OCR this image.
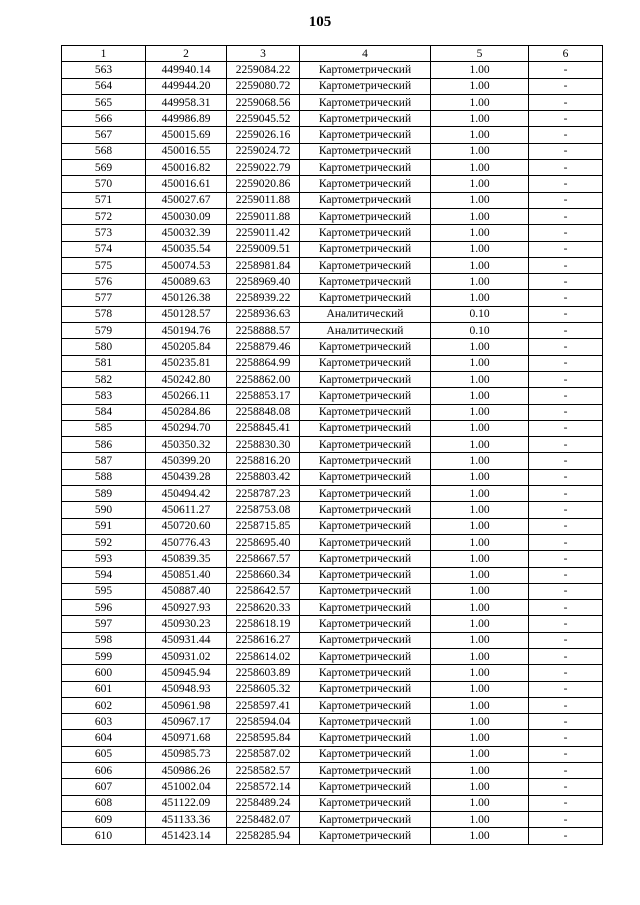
105
1	2	3	4	5	6
563	449940.14	2259084.22	Картометрический	1.00	-
564	449944.20	2259080.72	Картометрический	1.00	-
565	449958.31	2259068.56	Картометрический	1.00	-
566	449986.89	2259045.52	Картометрический	1.00	-
567	450015.69	2259026.16	Картометрический	1.00	-
568	450016.55	2259024.72	Картометрический	1.00	-
569	450016.82	2259022.79	Картометрический	1.00	-
570	450016.61	2259020.86	Картометрический	1.00	-
571	450027.67	2259011.88	Картометрический	1.00	-
572	450030.09	2259011.88	Картометрический	1.00	-
573	450032.39	2259011.42	Картометрический	1.00	-
574	450035.54	2259009.51	Картометрический	1.00	-
575	450074.53	2258981.84	Картометрический	1.00	-
576	450089.63	2258969.40	Картометрический	1.00	-
577	450126.38	2258939.22	Картометрический	1.00	-
578	450128.57	2258936.63	Аналитический	0.10	-
579	450194.76	2258888.57	Аналитический	0.10	-
580	450205.84	2258879.46	Картометрический	1.00	-
581	450235.81	2258864.99	Картометрический	1.00	-
582	450242.80	2258862.00	Картометрический	1.00	-
583	450266.11	2258853.17	Картометрический	1.00	-
584	450284.86	2258848.08	Картометрический	1.00	-
585	450294.70	2258845.41	Картометрический	1.00	-
586	450350.32	2258830.30	Картометрический	1.00	-
587	450399.20	2258816.20	Картометрический	1.00	-
588	450439.28	2258803.42	Картометрический	1.00	-
589	450494.42	2258787.23	Картометрический	1.00	-
590	450611.27	2258753.08	Картометрический	1.00	-
591	450720.60	2258715.85	Картометрический	1.00	-
592	450776.43	2258695.40	Картометрический	1.00	-
593	450839.35	2258667.57	Картометрический	1.00	-
594	450851.40	2258660.34	Картометрический	1.00	-
595	450887.40	2258642.57	Картометрический	1.00	-
596	450927.93	2258620.33	Картометрический	1.00	-
597	450930.23	2258618.19	Картометрический	1.00	-
598	450931.44	2258616.27	Картометрический	1.00	-
599	450931.02	2258614.02	Картометрический	1.00	-
600	450945.94	2258603.89	Картометрический	1.00	-
601	450948.93	2258605.32	Картометрический	1.00	-
602	450961.98	2258597.41	Картометрический	1.00	-
603	450967.17	2258594.04	Картометрический	1.00	-
604	450971.68	2258595.84	Картометрический	1.00	-
605	450985.73	2258587.02	Картометрический	1.00	-
606	450986.26	2258582.57	Картометрический	1.00	-
607	451002.04	2258572.14	Картометрический	1.00	-
608	451122.09	2258489.24	Картометрический	1.00	-
609	451133.36	2258482.07	Картометрический	1.00	-
610	451423.14	2258285.94	Картометрический	1.00	-
